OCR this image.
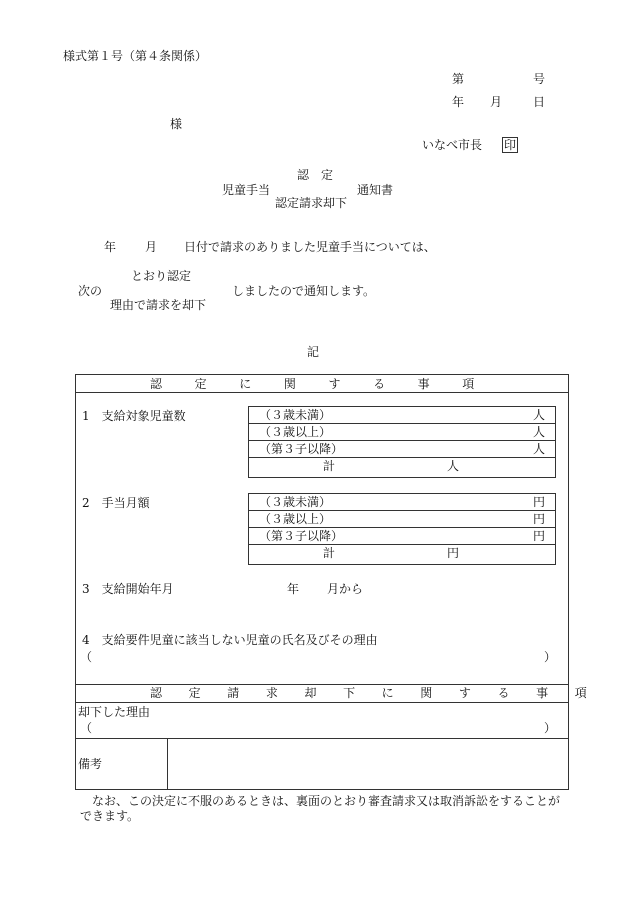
様式第１号（第４条関係）
第	号
年 月	日
様
いなべ市長 印
認　定
児童手当	通知書
認定請求却下
年 月 日付で請求のありました児童手当については、
とおり認定
次の	しましたので通知します。
理由で請求を却下
記
認 定 に 関 す る 事 項
1　支給対象児童数	（３歳未満）	人
（３歳以上）	人
（第３子以降）	人
計	人
2　手当月額	（３歳未満）	円
（３歳以上）	円
（第３子以降）	円
計	円
3　支給開始年月	年 月から
4　支給要件児童に該当しない児童の氏名及びその理由
（	）
認 定 請 求 却 下 に 関 す る 事 項
却下した理由
（	）
備考
なお、この決定に不服のあるときは、裏面のとおり審査請求又は取消訴訟をすることができます。
